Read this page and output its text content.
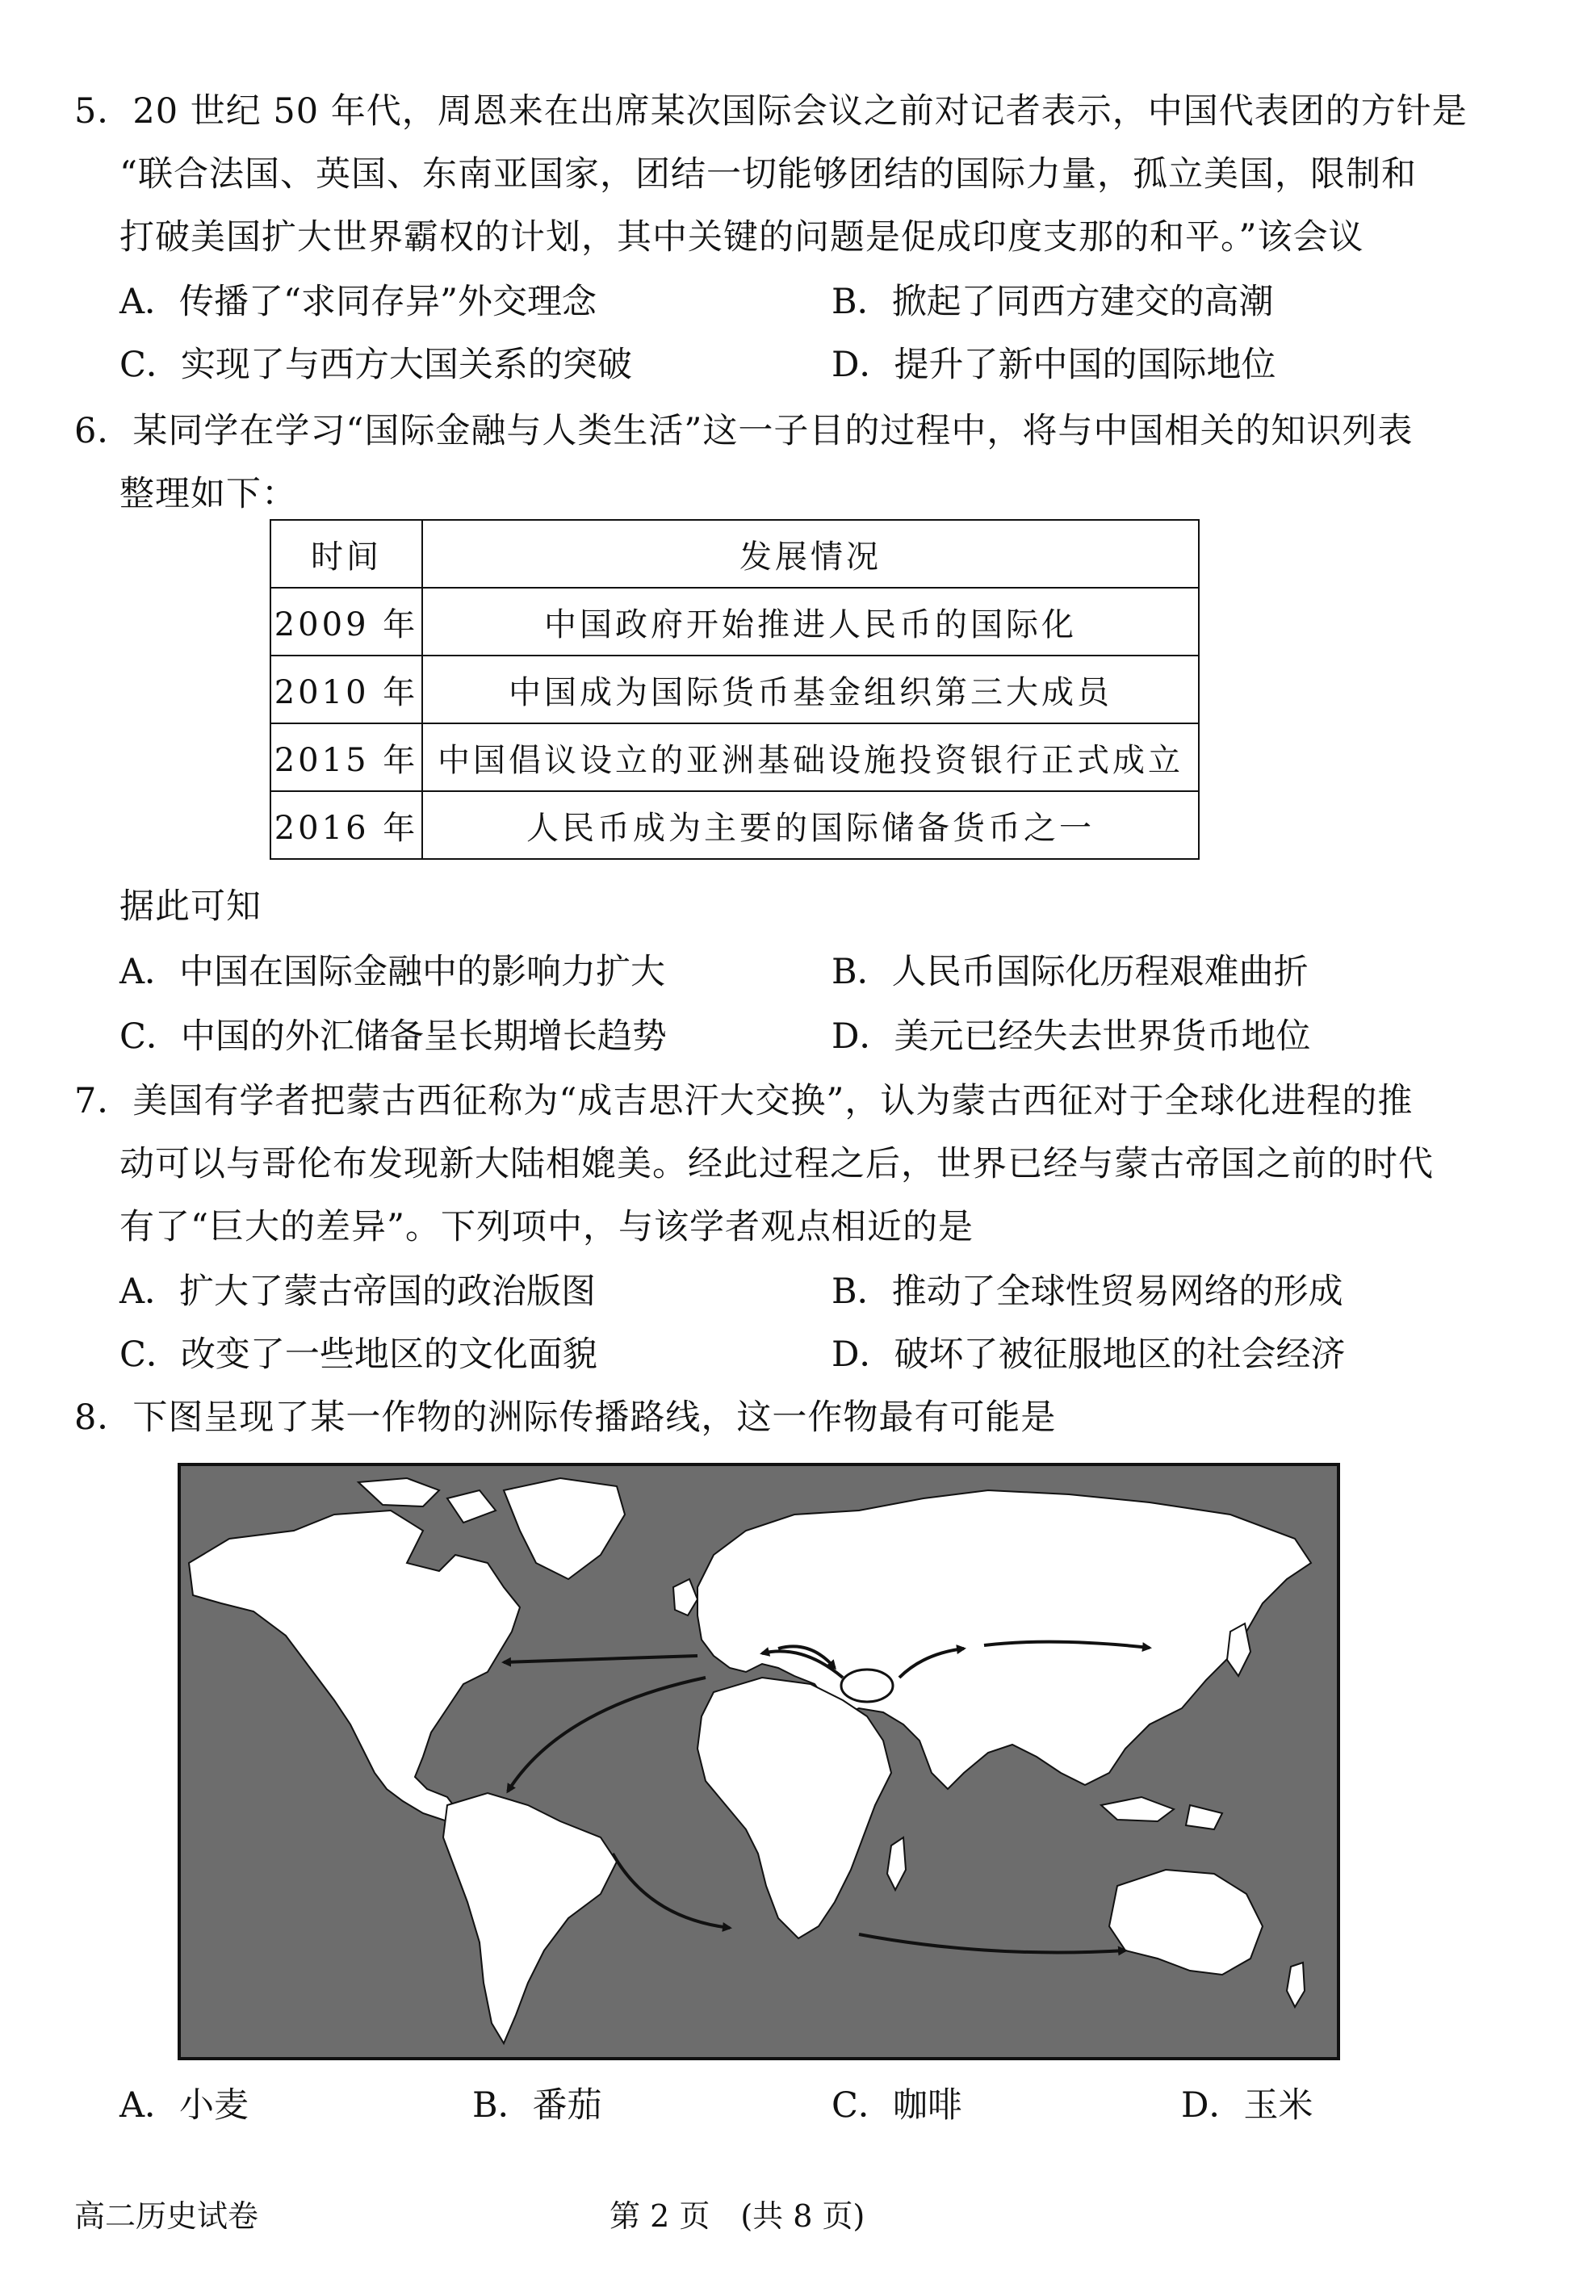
5．20 世纪 50 年代，周恩来在出席某次国际会议之前对记者表示，中国代表团的方针是
“联合法国、英国、东南亚国家，团结一切能够团结的国际力量，孤立美国，限制和
打破美国扩大世界霸权的计划，其中关键的问题是促成印度支那的和平。”该会议
A．传播了“求同存异”外交理念	B．掀起了同西方建交的高潮
C．实现了与西方大国关系的突破	D．提升了新中国的国际地位
6．某同学在学习“国际金融与人类生活”这一子目的过程中，将与中国相关的知识列表
整理如下：
时间	发展情况
2009 年	中国政府开始推进人民币的国际化
2010 年	中国成为国际货币基金组织第三大成员
2015 年	中国倡议设立的亚洲基础设施投资银行正式成立
2016 年	人民币成为主要的国际储备货币之一
据此可知
A．中国在国际金融中的影响力扩大	B．人民币国际化历程艰难曲折
C．中国的外汇储备呈长期增长趋势	D．美元已经失去世界货币地位
7．美国有学者把蒙古西征称为“成吉思汗大交换”，认为蒙古西征对于全球化进程的推
动可以与哥伦布发现新大陆相媲美。经此过程之后，世界已经与蒙古帝国之前的时代
有了“巨大的差异”。下列项中，与该学者观点相近的是
A．扩大了蒙古帝国的政治版图	B．推动了全球性贸易网络的形成
C．改变了一些地区的文化面貌	D．破坏了被征服地区的社会经济
8．下图呈现了某一作物的洲际传播路线，这一作物最有可能是
A．小麦	B．番茄	C．咖啡	D．玉米
高二历史试卷	第 2 页　(共 8 页)
